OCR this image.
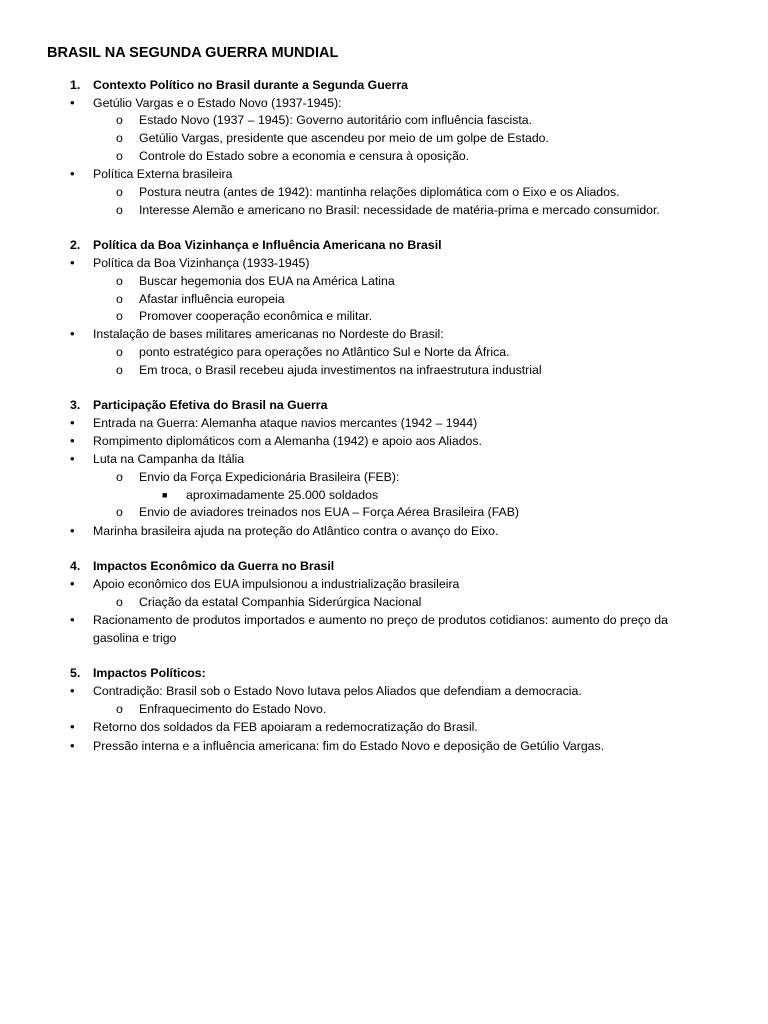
BRASIL NA SEGUNDA GUERRA MUNDIAL
1. Contexto Político no Brasil durante a Segunda Guerra
• Getúlio Vargas e o Estado Novo (1937-1945):
o Estado Novo (1937 – 1945): Governo autoritário com influência fascista.
o Getúlio Vargas, presidente que ascendeu por meio de um golpe de Estado.
o Controle do Estado sobre a economia e censura à oposição.
• Política Externa brasileira
o Postura neutra (antes de 1942): mantinha relações diplomática com o Eixo e os Aliados.
o Interesse Alemão e americano no Brasil: necessidade de matéria-prima e mercado consumidor.
2. Política da Boa Vizinhança e Influência Americana no Brasil
• Política da Boa Vizinhança (1933-1945)
o Buscar hegemonia dos EUA na América Latina
o Afastar influência europeia
o Promover cooperação econômica e militar.
• Instalação de bases militares americanas no Nordeste do Brasil:
o ponto estratégico para operações no Atlântico Sul e Norte da África.
o Em troca, o Brasil recebeu ajuda investimentos na infraestrutura industrial
3. Participação Efetiva do Brasil na Guerra
• Entrada na Guerra: Alemanha ataque navios mercantes (1942 – 1944)
• Rompimento diplomáticos com a Alemanha (1942) e apoio aos Aliados.
• Luta na Campanha da Itália
o Envio da Força Expedicionária Brasileira (FEB):
■ aproximadamente 25.000 soldados
o Envio de aviadores treinados nos EUA – Força Aérea Brasileira (FAB)
• Marinha brasileira ajuda na proteção do Atlântico contra o avanço do Eixo.
4. Impactos Econômico da Guerra no Brasil
• Apoio econômico dos EUA impulsionou a industrialização brasileira
o Criação da estatal Companhia Siderúrgica Nacional
• Racionamento de produtos importados e aumento no preço de produtos cotidianos: aumento do preço da gasolina e trigo
5. Impactos Políticos:
• Contradição: Brasil sob o Estado Novo lutava pelos Aliados que defendiam a democracia.
o Enfraquecimento do Estado Novo.
• Retorno dos soldados da FEB apoiaram a redemocratização do Brasil.
• Pressão interna e a influência americana: fim do Estado Novo e deposição de Getúlio Vargas.
